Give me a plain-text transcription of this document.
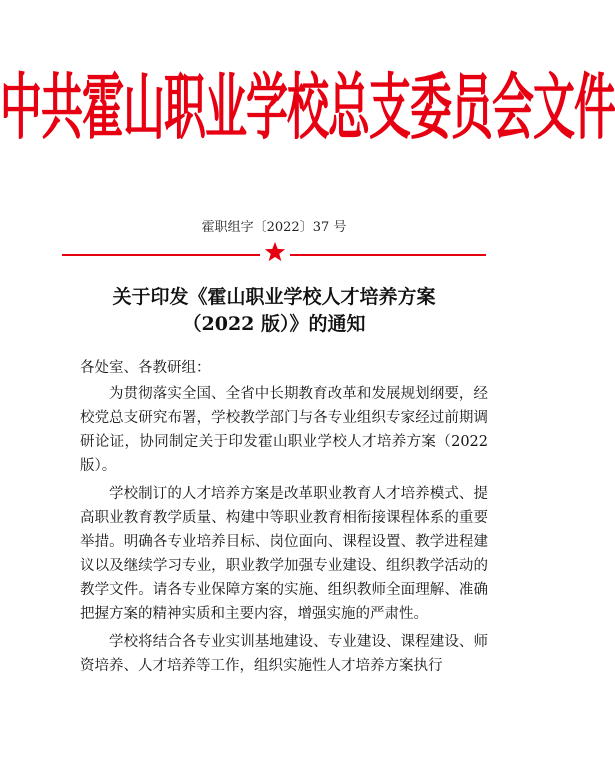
中共霍山职业学校总支委员会文件
霍职组字〔2022〕37 号
关于印发《霍山职业学校人才培养方案
（2022 版）》的通知

各处室、各教研组：

为贯彻落实全国、全省中长期教育改革和发展规划纲要，经校党总支研究布署，学校教学部门与各专业组织专家经过前期调研论证，协同制定关于印发霍山职业学校人才培养方案（2022 版）。

学校制订的人才培养方案是改革职业教育人才培养模式、提高职业教育教学质量、构建中等职业教育相衔接课程体系的重要举措。明确各专业培养目标、岗位面向、课程设置、教学进程建议以及继续学习专业，职业教学加强专业建设、组织教学活动的教学文件。请各专业保障方案的实施、组织教师全面理解、准确把握方案的精神实质和主要内容，增强实施的严肃性。

学校将结合各专业实训基地建设、专业建设、课程建设、师资培养、人才培养等工作，组织实施性人才培养方案执行
